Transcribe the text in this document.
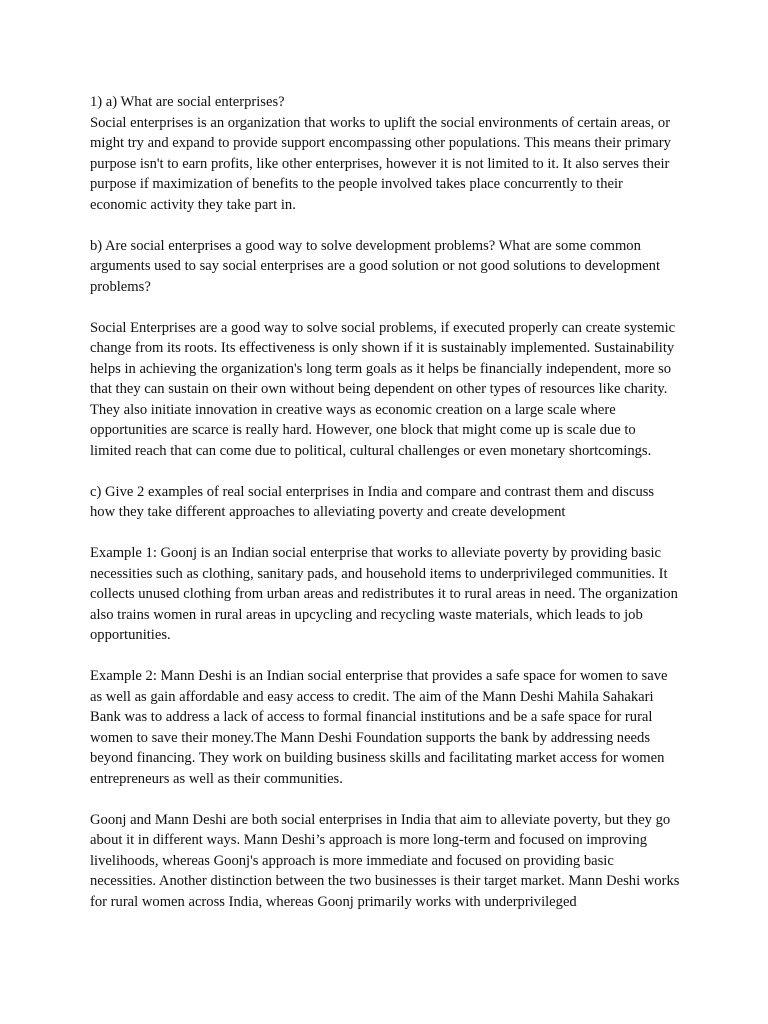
1) a) What are social enterprises?
Social enterprises is an organization that works to uplift the social environments of certain areas, or might try and expand to provide support encompassing other populations. This means their primary purpose isn't to earn profits, like other enterprises, however it is not limited to it. It also serves their purpose if maximization of benefits to the people involved takes place concurrently to their economic activity they take part in.

b) Are social enterprises a good way to solve development problems? What are some common arguments used to say social enterprises are a good solution or not good solutions to development problems?

Social Enterprises are a good way to solve social problems, if executed properly can create systemic change from its roots. Its effectiveness is only shown if it is sustainably implemented. Sustainability helps in achieving the organization's long term goals as it helps be financially independent, more so that they can sustain on their own without being dependent on other types of resources like charity. They also initiate innovation in creative ways as economic creation on a large scale where opportunities are scarce is really hard. However, one block that might come up is scale due to limited reach that can come due to political, cultural challenges or even monetary shortcomings.

c) Give 2 examples of real social enterprises in India and compare and contrast them and discuss how they take different approaches to alleviating poverty and create development

Example 1: Goonj is an Indian social enterprise that works to alleviate poverty by providing basic necessities such as clothing, sanitary pads, and household items to underprivileged communities. It collects unused clothing from urban areas and redistributes it to rural areas in need. The organization also trains women in rural areas in upcycling and recycling waste materials, which leads to job opportunities.

Example 2: Mann Deshi is an Indian social enterprise that provides a safe space for women to save as well as gain affordable and easy access to credit. The aim of the Mann Deshi Mahila Sahakari Bank was to address a lack of access to formal financial institutions and be a safe space for rural women to save their money.The Mann Deshi Foundation supports the bank by addressing needs beyond financing. They work on building business skills and facilitating market access for women entrepreneurs as well as their communities.

Goonj and Mann Deshi are both social enterprises in India that aim to alleviate poverty, but they go about it in different ways. Mann Deshi’s approach is more long-term and focused on improving livelihoods, whereas Goonj's approach is more immediate and focused on providing basic necessities. Another distinction between the two businesses is their target market. Mann Deshi works for rural women across India, whereas Goonj primarily works with underprivileged
